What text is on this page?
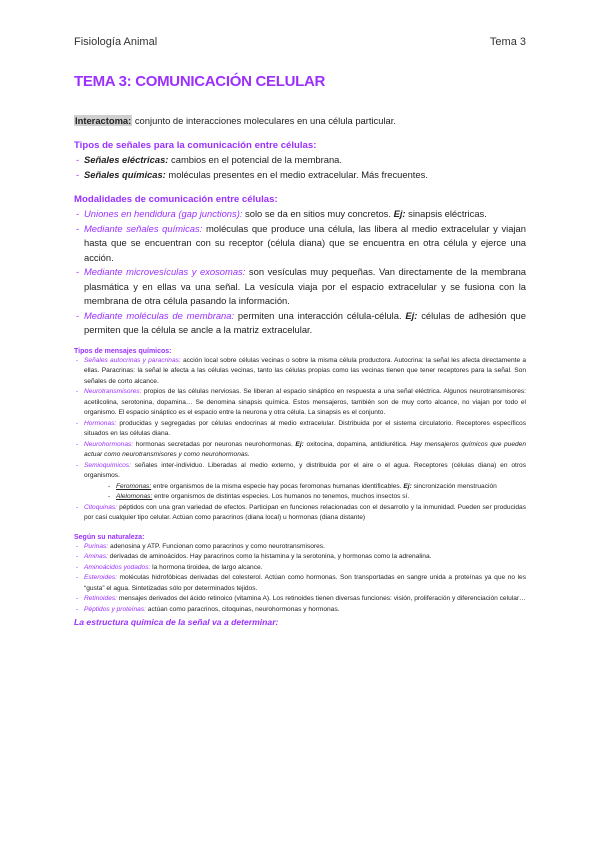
Fisiología Animal	Tema 3
TEMA 3: COMUNICACIÓN CELULAR

Interactoma: conjunto de interacciones moleculares en una célula particular.

Tipos de señales para la comunicación entre células:
- Señales eléctricas: cambios en el potencial de la membrana.
- Señales químicas: moléculas presentes en el medio extracelular. Más frecuentes.
Modalidades de comunicación entre células:
- Uniones en hendidura (gap junctions): solo se da en sitios muy concretos. Ej: sinapsis eléctricas.
- Mediante señales químicas: moléculas que produce una célula, las libera al medio extracelular y viajan hasta que se encuentran con su receptor (célula diana) que se encuentra en otra célula y ejerce una acción.
- Mediante microvesículas y exosomas: son vesículas muy pequeñas. Van directamente de la membrana plasmática y en ellas va una señal. La vesícula viaja por el espacio extracelular y se fusiona con la membrana de otra célula pasando la información.
- Mediante moléculas de membrana: permiten una interacción célula-célula. Ej: células de adhesión que permiten que la célula se ancle a la matriz extracelular.
Tipos de mensajes químicos:
- Señales autocrinas y paracrinas: acción local sobre células vecinas o sobre la misma célula productora. Autocrina: la señal les afecta directamente a ellas. Paracrinas: la señal le afecta a las células vecinas, tanto las células propias como las vecinas tienen que tener receptores para la señal. Son señales de corto alcance.
- Neurotransmisores: propios de las células nerviosas. Se liberan al espacio sináptico en respuesta a una señal eléctrica. Algunos neurotransmisores: acetilcolina, serotonina, dopamina… Se denomina sinapsis química. Estos mensajeros, también son de muy corto alcance, no viajan por todo el organismo. El espacio sináptico es el espacio entre la neurona y otra célula. La sinapsis es el conjunto.
- Hormonas: producidas y segregadas por células endocrinas al medio extracelular. Distribuida por el sistema circulatorio. Receptores específicos situados en las células diana.
- Neurohormonas: hormonas secretadas por neuronas neurohormonas. Ej: oxitocina, dopamina, antidiurética. Hay mensajeros químicos que pueden actuar como neurotransmisores y como neurohormonas.
- Semioquímicos: señales inter-individuo. Liberadas al medio externo, y distribuida por el aire o el agua. Receptores (células diana) en otros organismos.
- Feromonas: entre organismos de la misma especie hay pocas feromonas humanas identificables. Ej: sincronización menstruación
- Alelomonas: entre organismos de distintas especies. Los humanos no tenemos, muchos insectos sí.
- Citoquinas: péptidos con una gran variedad de efectos. Participan en funciones relacionadas con el desarrollo y la inmunidad. Pueden ser producidas por casi cualquier tipo celular. Actúan como paracrinos (diana local) u hormonas (diana distante)
Según su naturaleza:
- Purinas: adenosina y ATP. Funcionan como paracrinos y como neurotransmisores.
- Aminas: derivadas de aminoácidos. Hay paracrinos como la histamina y la serotonina, y hormonas como la adrenalina.
- Aminoácidos yodados: la hormona tiroidea, de largo alcance.
- Esteroides: moléculas hidrofóbicas derivadas del colesterol. Actúan como hormonas. Son transportadas en sangre unida a proteínas ya que no les “gusta” el agua. Sintetizadas sólo por determinados tejidos.
- Retinoides: mensajes derivados del ácido retinoico (vitamina A). Los retinoides tienen diversas funciones: visión, proliferación y diferenciación celular…
- Péptidos y proteínas: actúan como paracrinos, citoquinas, neurohormonas y hormonas.
La estructura química de la señal va a determinar:
